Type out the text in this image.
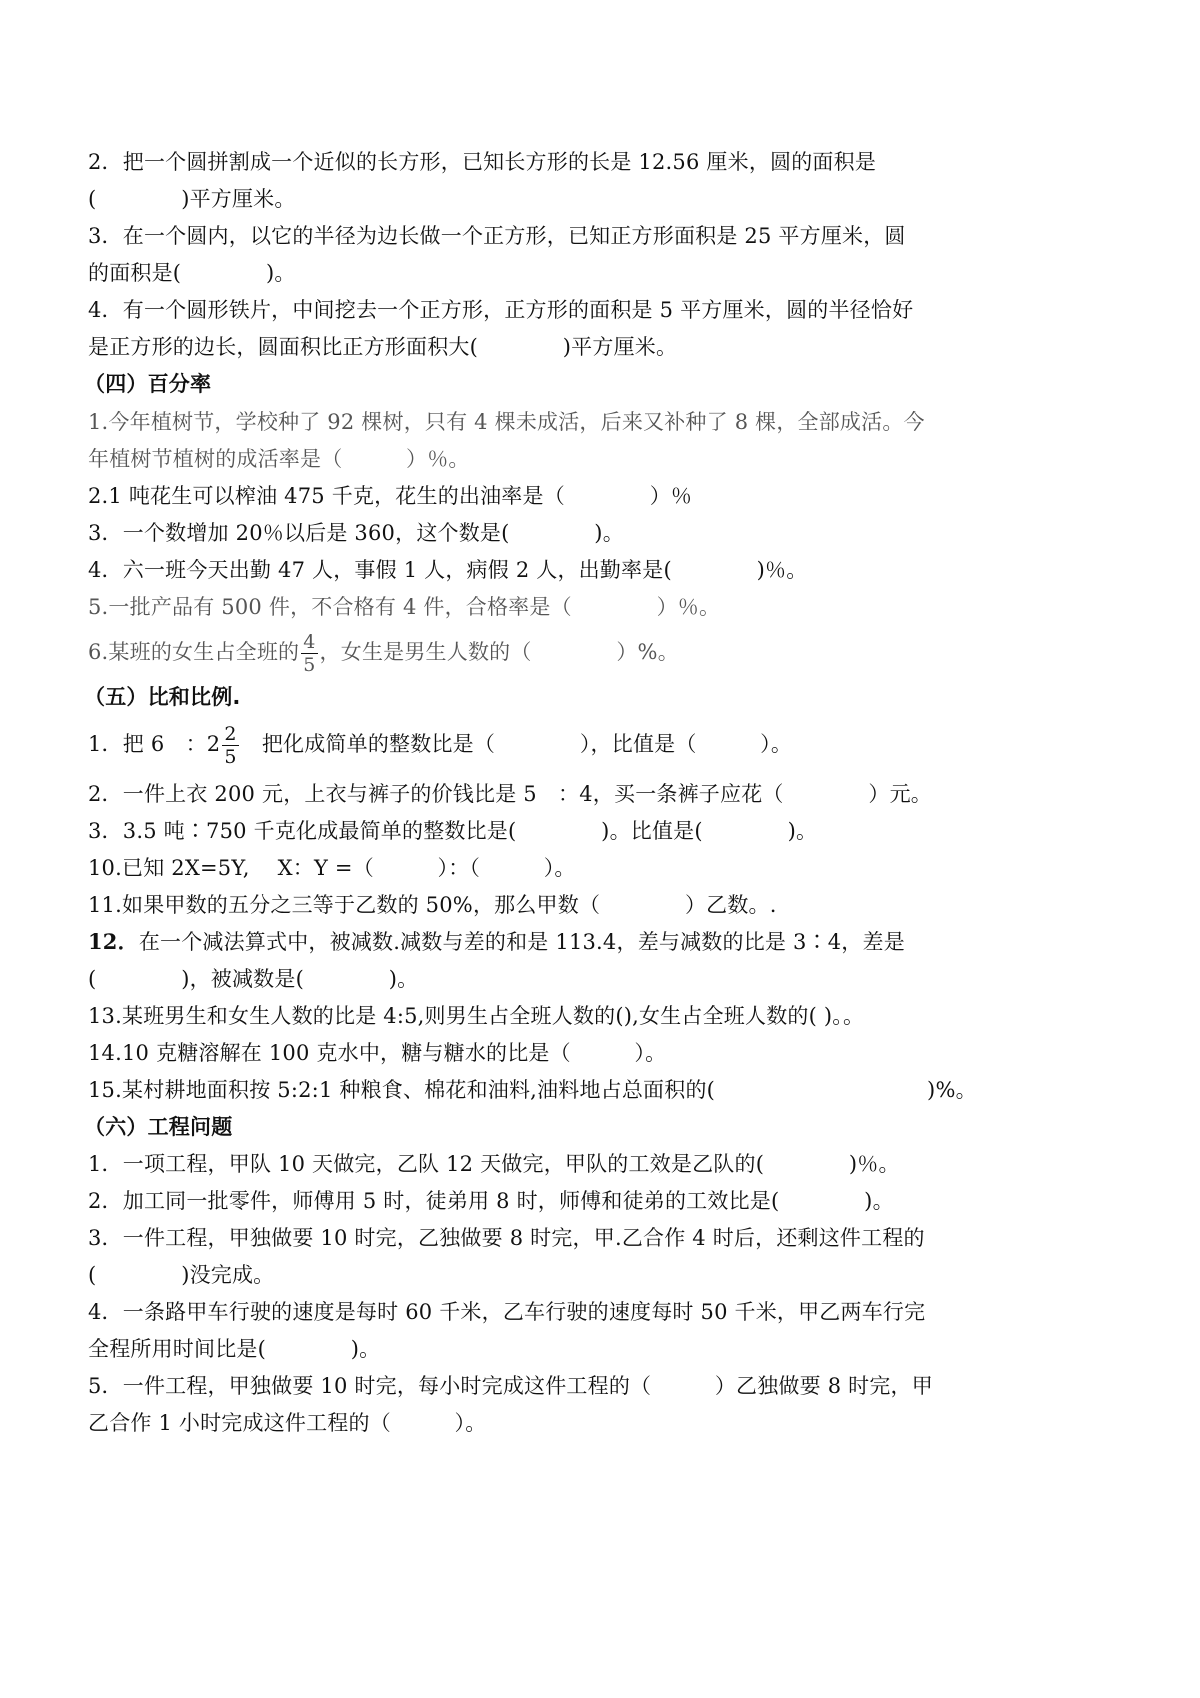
2．把一个圆拼割成一个近似的长方形，已知长方形的长是 12.56 厘米，圆的面积是
(　　　　)平方厘米。
3．在一个圆内，以它的半径为边长做一个正方形，已知正方形面积是 25 平方厘米，圆
的面积是(　　　　)。
4．有一个圆形铁片，中间挖去一个正方形，正方形的面积是 5 平方厘米，圆的半径恰好
是正方形的边长，圆面积比正方形面积大(　　　　)平方厘米。
（四）百分率
1.今年植树节，学校种了 92 棵树，只有 4 棵未成活，后来又补种了 8 棵，全部成活。今
年植树节植树的成活率是（　　　）％。
2.1 吨花生可以榨油 475 千克，花生的出油率是（　　　　）％
3．一个数增加 20％以后是 360，这个数是(　　　　)。
4．六一班今天出勤 47 人，事假 1 人，病假 2 人，出勤率是(　　　　)％。
5.一批产品有 500 件，不合格有 4 件，合格率是（　　　　）％。
6.某班的女生占全班的 $\frac{4}{5}$ ，女生是男生人数的（　　　　）%。
（五）比和比例.
1．把 6　：$2 \frac{2}{5}$ 　把化成简单的整数比是（　　　　），比值是（　　　）。
2．一件上衣 200 元，上衣与裤子的价钱比是 5　：4，买一条裤子应花（　　　　）元。
3．3.5 吨∶750 千克化成最简单的整数比是(　　　　)。比值是(　　　　)。
10.已知 2X=5Y,　 X：Y =（　　　）：（　　　）。
11.如果甲数的五分之三等于乙数的 50%，那么甲数（　　　　）乙数。.
12．在一个减法算式中，被减数.减数与差的和是 113.4，差与减数的比是 3∶4，差是
(　　　　)，被减数是(　　　　)。
13.某班男生和女生人数的比是 4:5,则男生占全班人数的(),女生占全班人数的( )。。
14.10 克糖溶解在 100 克水中，糖与糖水的比是（　　　）。
15.某村耕地面积按 5:2:1 种粮食、棉花和油料,油料地占总面积的(　　　　　　　　　　)%。
（六）工程问题
1．一项工程，甲队 10 天做完，乙队 12 天做完，甲队的工效是乙队的(　　　　)％。
2．加工同一批零件，师傅用 5 时，徒弟用 8 时，师傅和徒弟的工效比是(　　　　)。
3．一件工程，甲独做要 10 时完，乙独做要 8 时完，甲.乙合作 4 时后，还剩这件工程的
(　　　　)没完成。
4．一条路甲车行驶的速度是每时 60 千米，乙车行驶的速度每时 50 千米，甲乙两车行完
全程所用时间比是(　　　　)。
5．一件工程，甲独做要 10 时完，每小时完成这件工程的（　　　）乙独做要 8 时完，甲
乙合作 1 小时完成这件工程的（　　　）。
